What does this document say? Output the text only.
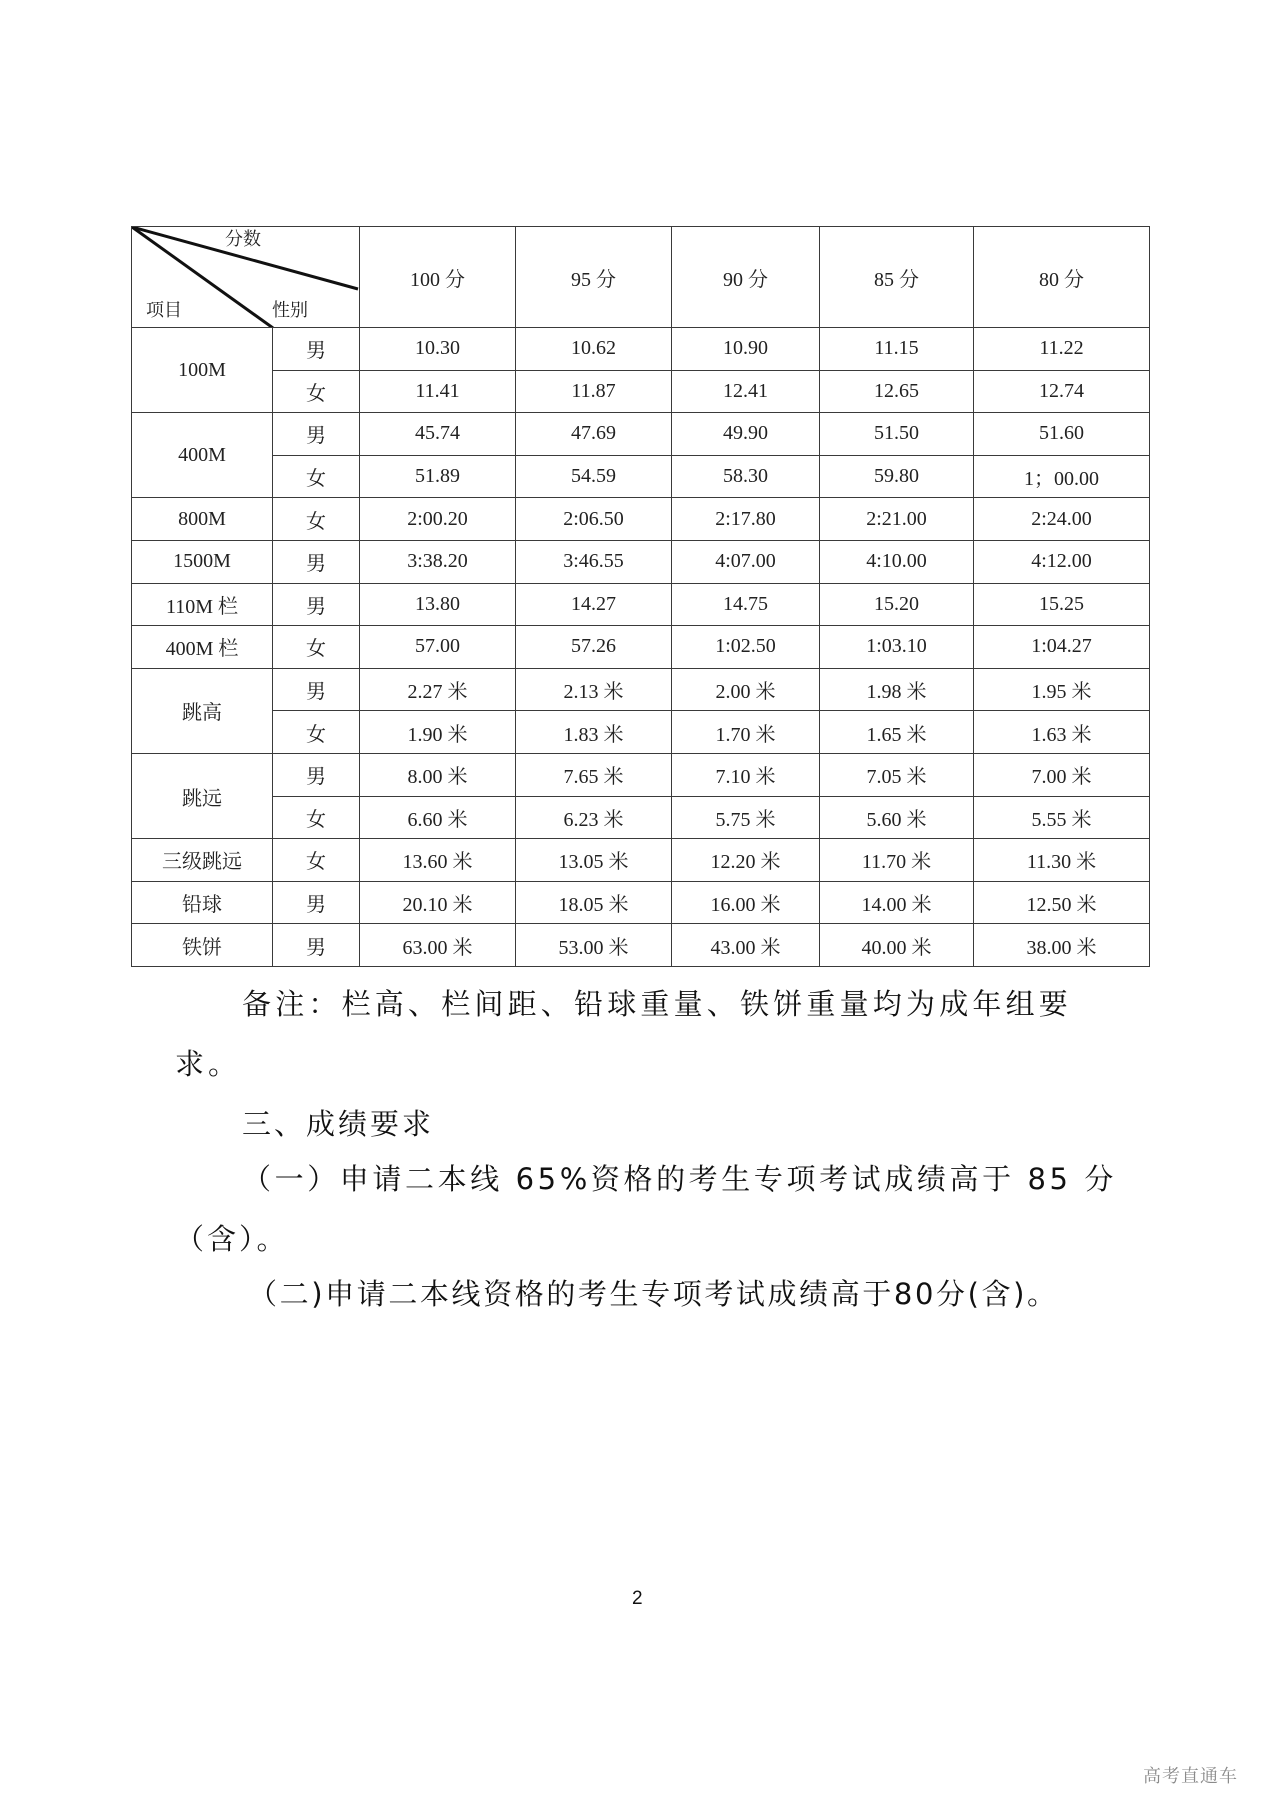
分数
项目 性别		100 分	95 分	90 分	85 分	80 分
100M	男	10.30	10.62	10.90	11.15	11.22
	女	11.41	11.87	12.41	12.65	12.74
400M	男	45.74	47.69	49.90	51.50	51.60
	女	51.89	54.59	58.30	59.80	1；00.00
800M	女	2:00.20	2:06.50	2:17.80	2:21.00	2:24.00
1500M	男	3:38.20	3:46.55	4:07.00	4:10.00	4:12.00
110M 栏	男	13.80	14.27	14.75	15.20	15.25
400M 栏	女	57.00	57.26	1:02.50	1:03.10	1:04.27
跳高	男	2.27 米	2.13 米	2.00 米	1.98 米	1.95 米
	女	1.90 米	1.83 米	1.70 米	1.65 米	1.63 米
跳远	男	8.00 米	7.65 米	7.10 米	7.05 米	7.00 米
	女	6.60 米	6.23 米	5.75 米	5.60 米	5.55 米
三级跳远	女	13.60 米	13.05 米	12.20 米	11.70 米	11.30 米
铅球	男	20.10 米	18.05 米	16.00 米	14.00 米	12.50 米
铁饼	男	63.00 米	53.00 米	43.00 米	40.00 米	38.00 米
备注：栏高、栏间距、铅球重量、铁饼重量均为成年组要
求。
三、成绩要求
（一）申请二本线 65%资格的考生专项考试成绩高于 85 分
（含）。
（二)申请二本线资格的考生专项考试成绩高于80分(含)。
2
高考直通车
